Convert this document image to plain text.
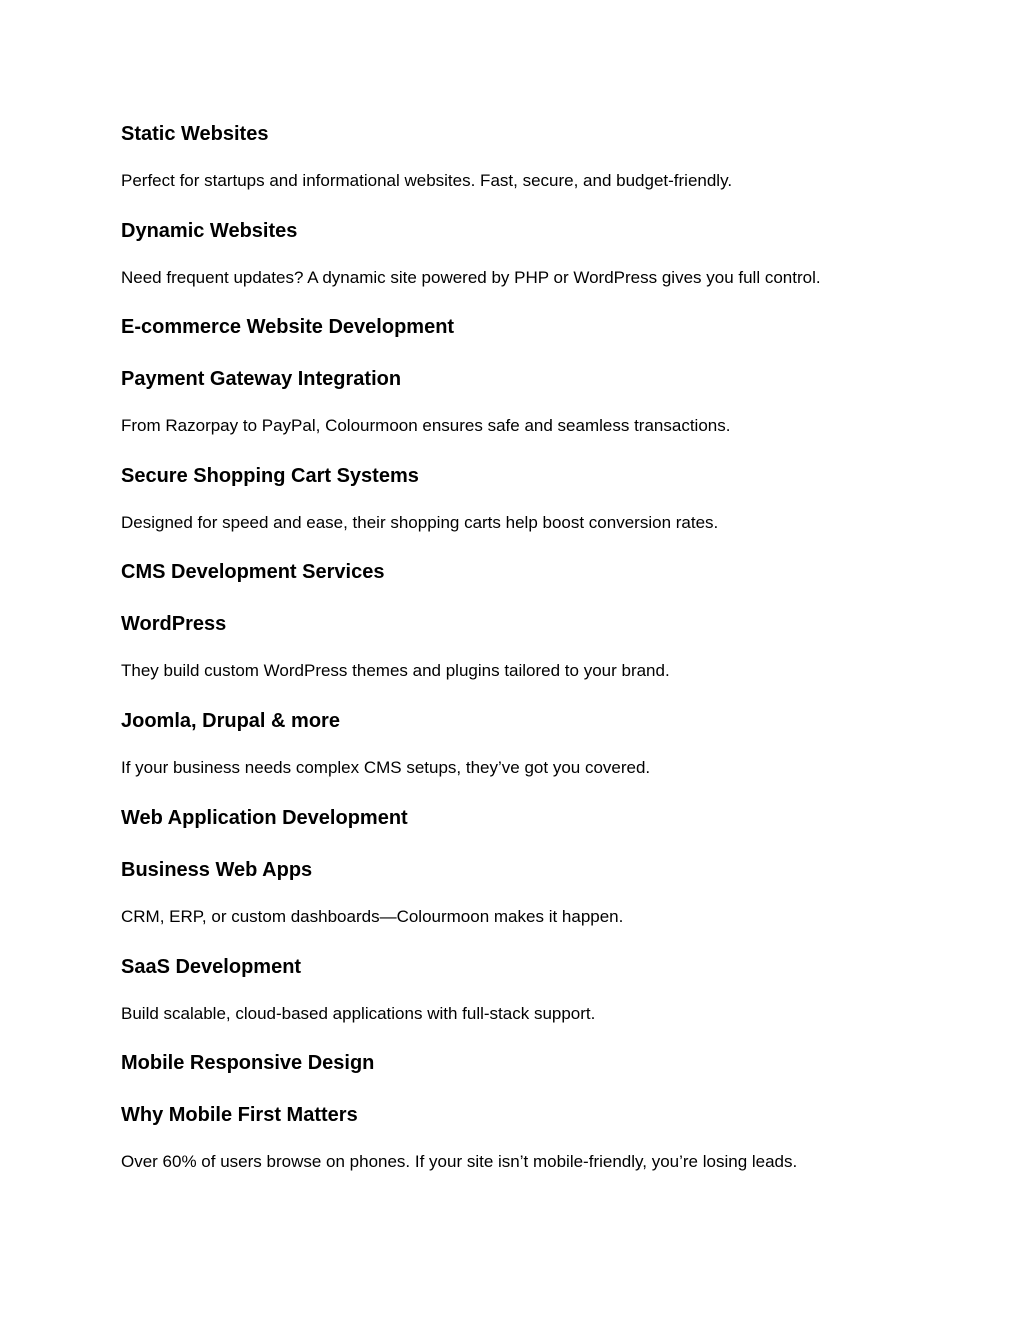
Static Websites

Perfect for startups and informational websites. Fast, secure, and budget-friendly.

Dynamic Websites

Need frequent updates? A dynamic site powered by PHP or WordPress gives you full control.

E-commerce Website Development
Payment Gateway Integration

From Razorpay to PayPal, Colourmoon ensures safe and seamless transactions.

Secure Shopping Cart Systems

Designed for speed and ease, their shopping carts help boost conversion rates.

CMS Development Services
WordPress

They build custom WordPress themes and plugins tailored to your brand.

Joomla, Drupal & more

If your business needs complex CMS setups, they’ve got you covered.

Web Application Development
Business Web Apps

CRM, ERP, or custom dashboards—Colourmoon makes it happen.

SaaS Development

Build scalable, cloud-based applications with full-stack support.

Mobile Responsive Design
Why Mobile First Matters

Over 60% of users browse on phones. If your site isn’t mobile-friendly, you’re losing leads.
